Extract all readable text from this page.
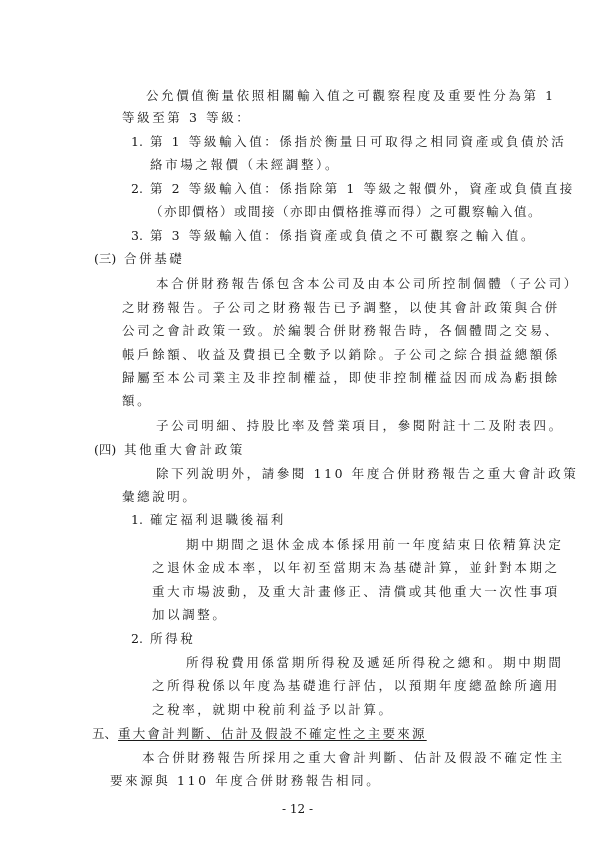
公允價值衡量依照相關輸入值之可觀察程度及重要性分為第 1
等級至第 3 等級：
1. 第 1 等級輸入值：係指於衡量日可取得之相同資產或負債於活
絡市場之報價（未經調整）。
2. 第 2 等級輸入值：係指除第 1 等級之報價外，資產或負債直接
（亦即價格）或間接（亦即由價格推導而得）之可觀察輸入值。
3. 第 3 等級輸入值：係指資產或負債之不可觀察之輸入值。
(三) 合併基礎
本合併財務報告係包含本公司及由本公司所控制個體（子公司）
之財務報告。子公司之財務報告已予調整，以使其會計政策與合併
公司之會計政策一致。於編製合併財務報告時，各個體間之交易、
帳戶餘額、收益及費損已全數予以銷除。子公司之綜合損益總額係
歸屬至本公司業主及非控制權益，即使非控制權益因而成為虧損餘
額。
子公司明細、持股比率及營業項目，參閱附註十二及附表四。
(四) 其他重大會計政策
除下列說明外，請參閱 110 年度合併財務報告之重大會計政策
彙總說明。
1. 確定福利退職後福利
期中期間之退休金成本係採用前一年度結束日依精算決定
之退休金成本率，以年初至當期末為基礎計算，並針對本期之
重大市場波動，及重大計畫修正、清償或其他重大一次性事項
加以調整。
2. 所得稅
所得稅費用係當期所得稅及遞延所得稅之總和。期中期間
之所得稅係以年度為基礎進行評估，以預期年度總盈餘所適用
之稅率，就期中稅前利益予以計算。
五、 重大會計判斷、估計及假設不確定性之主要來源
本合併財務報告所採用之重大會計判斷、估計及假設不確定性主
要來源與 110 年度合併財務報告相同。
- 12 -
